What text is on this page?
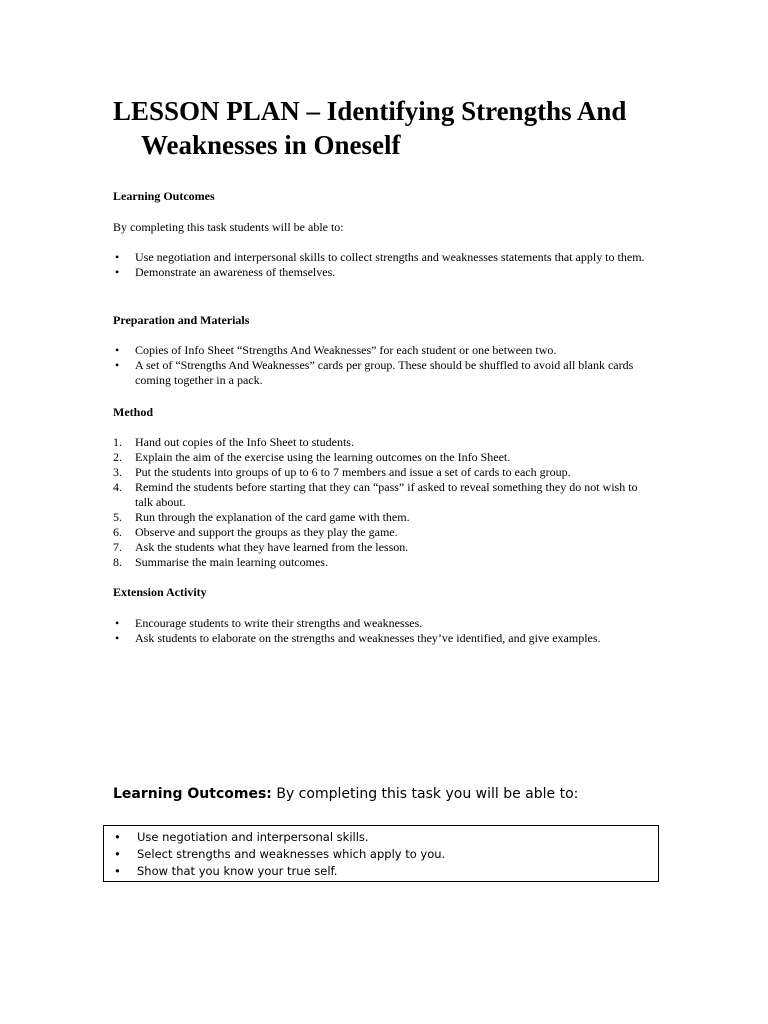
LESSON PLAN – Identifying Strengths And
Weaknesses in Oneself

Learning Outcomes

By completing this task students will be able to:

• Use negotiation and interpersonal skills to collect strengths and weaknesses statements that apply to them.
• Demonstrate an awareness of themselves.

Preparation and Materials

• Copies of Info Sheet “Strengths And Weaknesses” for each student or one between two.
• A set of “Strengths And Weaknesses” cards per group. These should be shuffled to avoid all blank cards coming together in a pack.

Method

1. Hand out copies of the Info Sheet to students.
2. Explain the aim of the exercise using the learning outcomes on the Info Sheet.
3. Put the students into groups of up to 6 to 7 members and issue a set of cards to each group.
4. Remind the students before starting that they can “pass” if asked to reveal something they do not wish to talk about.
5. Run through the explanation of the card game with them.
6. Observe and support the groups as they play the game.
7. Ask the students what they have learned from the lesson.
8. Summarise the main learning outcomes.

Extension Activity

• Encourage students to write their strengths and weaknesses.
• Ask students to elaborate on the strengths and weaknesses they’ve identified, and give examples.

Learning Outcomes: By completing this task you will be able to:

• Use negotiation and interpersonal skills.
• Select strengths and weaknesses which apply to you.
• Show that you know your true self.
